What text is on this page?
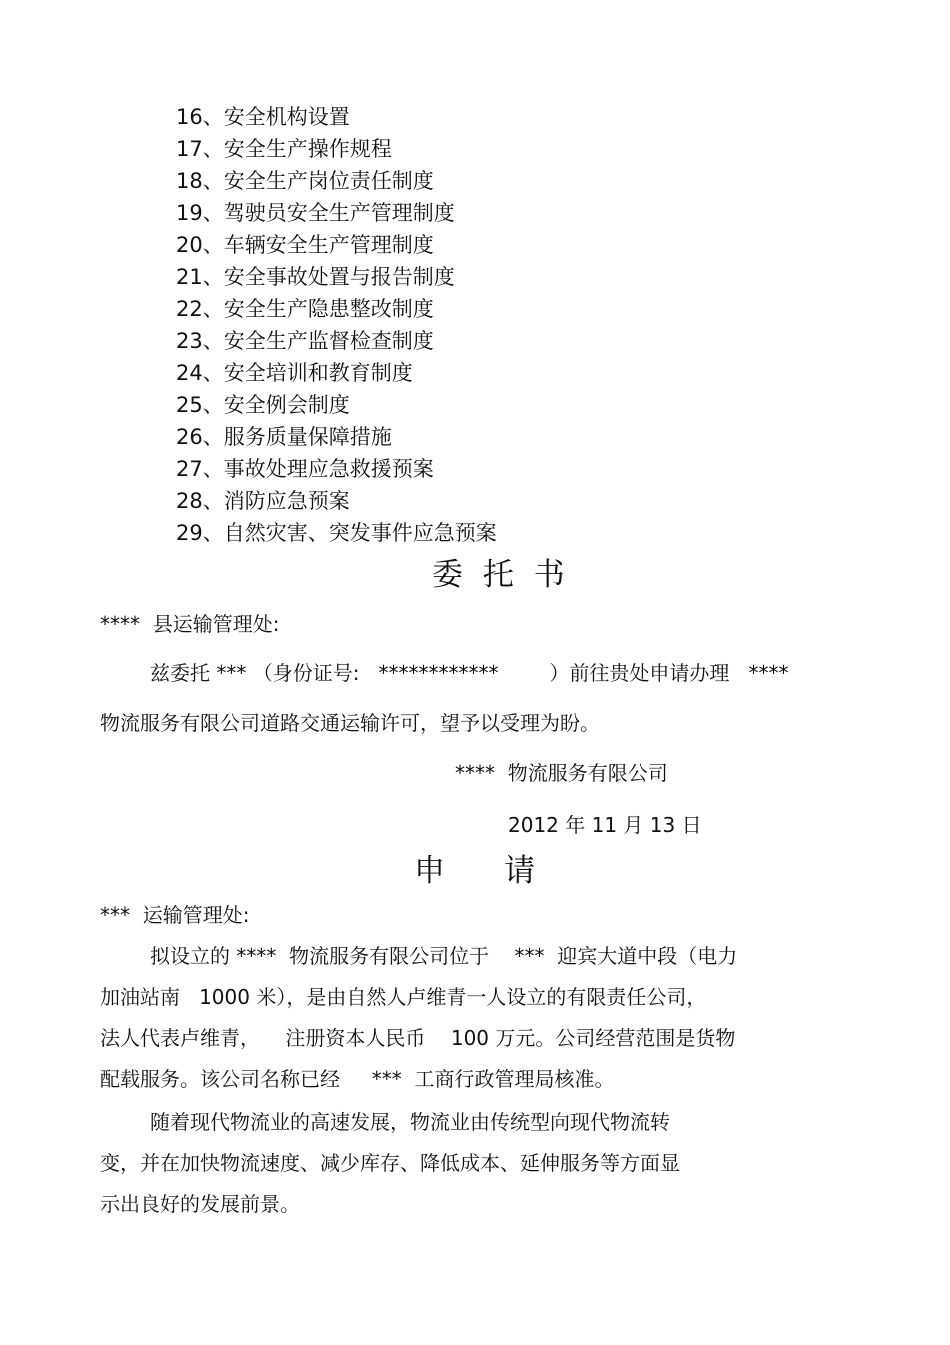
16、安全机构设置
17、安全生产操作规程
18、安全生产岗位责任制度
19、驾驶员安全生产管理制度
20、车辆安全生产管理制度
21、安全事故处置与报告制度
22、安全生产隐患整改制度
23、安全生产监督检查制度
24、安全培训和教育制度
25、安全例会制度
26、服务质量保障措施
27、事故处理应急救援预案
28、消防应急预案
29、自然灾害、突发事件应急预案
委 托 书
****  县运输管理处:
兹委托 *** （身份证号:   ************        ）前往贵处申请办理   ****
物流服务有限公司道路交通运输许可，望予以受理为盼。
****  物流服务有限公司
2012 年 11 月 13 日
申      请
***  运输管理处:
拟设立的 ****  物流服务有限公司位于    ***  迎宾大道中段（电力
加油站南   1000 米），是由自然人卢维青一人设立的有限责任公司，
法人代表卢维青，    注册资本人民币    100 万元。公司经营范围是货物
配载服务。该公司名称已经     ***  工商行政管理局核准。
随着现代物流业的高速发展，物流业由传统型向现代物流转
变，并在加快物流速度、减少库存、降低成本、延伸服务等方面显
示出良好的发展前景。
